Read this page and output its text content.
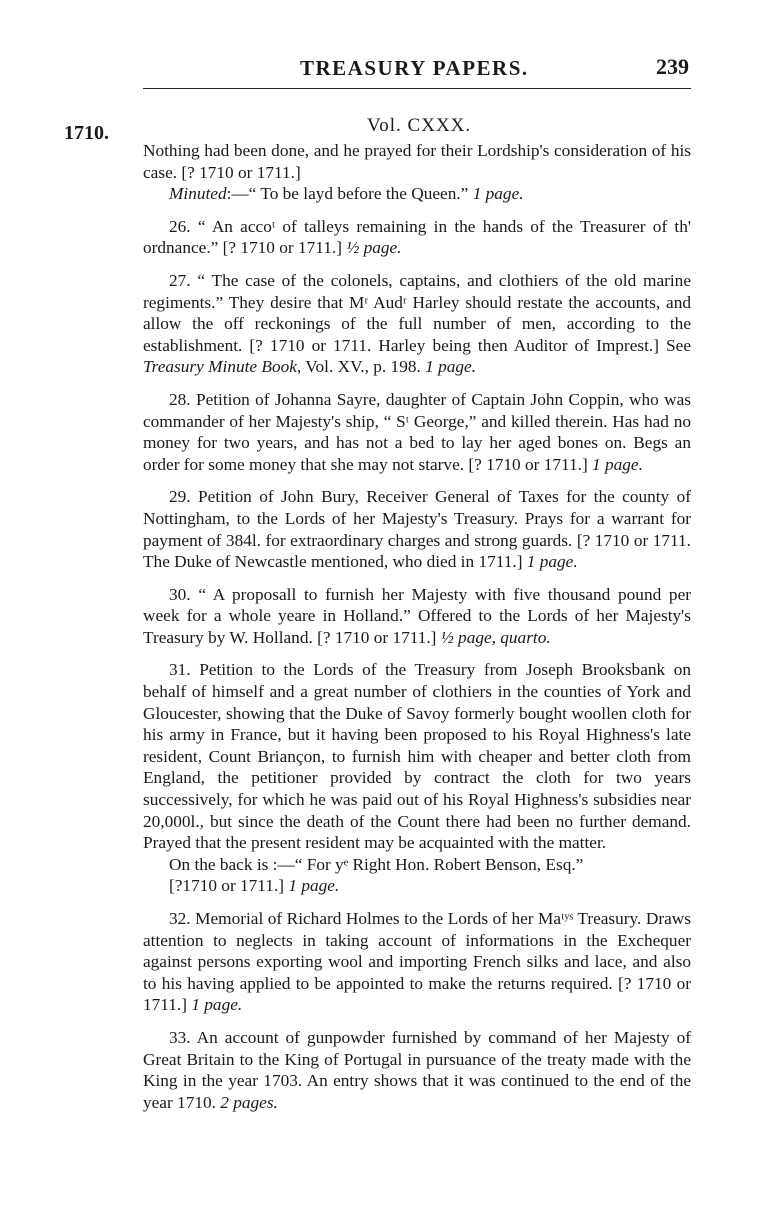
TREASURY PAPERS.	239
Vol. CXXX.
1710.

Nothing had been done, and he prayed for their Lordship's consideration of his case. [? 1710 or 1711.]

Minuted:—“ To be layd before the Queen.” 1 page.

26. “ An accoᵗ of talleys remaining in the hands of the Treasurer of th' ordnance.” [? 1710 or 1711.] ½ page.

27. “ The case of the colonels, captains, and clothiers of the old marine regiments.” They desire that Mʳ Audʳ Harley should restate the accounts, and allow the off reckonings of the full number of men, according to the establishment. [? 1710 or 1711. Harley being then Auditor of Imprest.] See Treasury Minute Book, Vol. XV., p. 198. 1 page.

28. Petition of Johanna Sayre, daughter of Captain John Coppin, who was commander of her Majesty's ship, “ Sᵗ George,” and killed therein. Has had no money for two years, and has not a bed to lay her aged bones on. Begs an order for some money that she may not starve. [? 1710 or 1711.] 1 page.

29. Petition of John Bury, Receiver General of Taxes for the county of Nottingham, to the Lords of her Majesty's Treasury. Prays for a warrant for payment of 384l. for extraordinary charges and strong guards. [? 1710 or 1711. The Duke of Newcastle mentioned, who died in 1711.] 1 page.

30. “ A proposall to furnish her Majesty with five thousand pound per week for a whole yeare in Holland.” Offered to the Lords of her Majesty's Treasury by W. Holland. [? 1710 or 1711.] ½ page, quarto.

31. Petition to the Lords of the Treasury from Joseph Brooksbank on behalf of himself and a great number of clothiers in the counties of York and Gloucester, showing that the Duke of Savoy formerly bought woollen cloth for his army in France, but it having been proposed to his Royal Highness's late resident, Count Briançon, to furnish him with cheaper and better cloth from England, the petitioner provided by contract the cloth for two years successively, for which he was paid out of his Royal Highness's subsidies near 20,000l., but since the death of the Count there had been no further demand. Prayed that the present resident may be acquainted with the matter.

On the back is :—“ For yᵉ Right Hon. Robert Benson, Esq.”

[?1710 or 1711.] 1 page.

32. Memorial of Richard Holmes to the Lords of her Maᵗʸˢ Treasury. Draws attention to neglects in taking account of informations in the Exchequer against persons exporting wool and importing French silks and lace, and also to his having applied to be appointed to make the returns required. [? 1710 or 1711.] 1 page.

33. An account of gunpowder furnished by command of her Majesty of Great Britain to the King of Portugal in pursuance of the treaty made with the King in the year 1703. An entry shows that it was continued to the end of the year 1710. 2 pages.
